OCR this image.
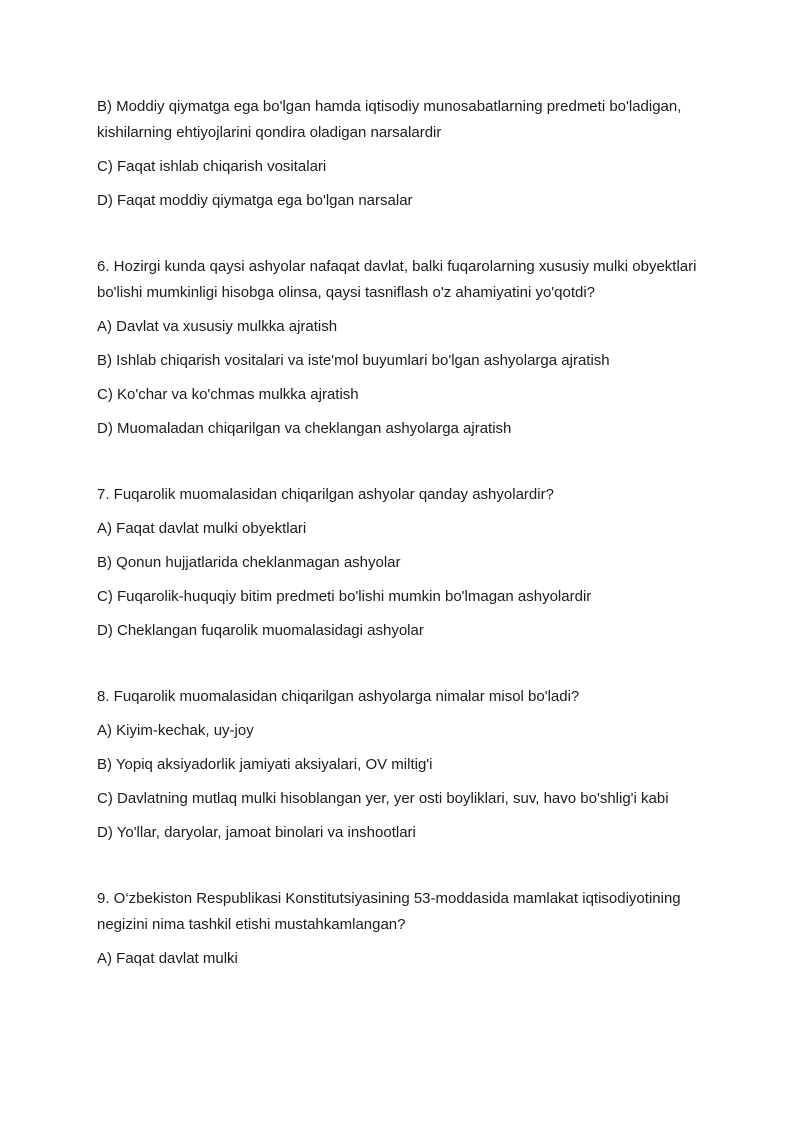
B) Moddiy qiymatga ega bo'lgan hamda iqtisodiy munosabatlarning predmeti bo'ladigan, kishilarning ehtiyojlarini qondira oladigan narsalardir

C) Faqat ishlab chiqarish vositalari

D) Faqat moddiy qiymatga ega bo'lgan narsalar

6. Hozirgi kunda qaysi ashyolar nafaqat davlat, balki fuqarolarning xususiy mulki obyektlari bo'lishi mumkinligi hisobga olinsa, qaysi tasniflash o'z ahamiyatini yo'qotdi?

A) Davlat va xususiy mulkka ajratish

B) Ishlab chiqarish vositalari va iste'mol buyumlari bo'lgan ashyolarga ajratish

C) Ko'char va ko'chmas mulkka ajratish

D) Muomaladan chiqarilgan va cheklangan ashyolarga ajratish

7. Fuqarolik muomalasidan chiqarilgan ashyolar qanday ashyolardir?

A) Faqat davlat mulki obyektlari

B) Qonun hujjatlarida cheklanmagan ashyolar

C) Fuqarolik-huquqiy bitim predmeti bo'lishi mumkin bo'lmagan ashyolardir

D) Cheklangan fuqarolik muomalasidagi ashyolar

8. Fuqarolik muomalasidan chiqarilgan ashyolarga nimalar misol bo'ladi?

A) Kiyim-kechak, uy-joy

B) Yopiq aksiyadorlik jamiyati aksiyalari, OV miltig'i

C) Davlatning mutlaq mulki hisoblangan yer, yer osti boyliklari, suv, havo bo'shlig'i kabi

D) Yo'llar, daryolar, jamoat binolari va inshootlari

9. O‘zbekiston Respublikasi Konstitutsiyasining 53-moddasida mamlakat iqtisodiyotining negizini nima tashkil etishi mustahkamlangan?

A) Faqat davlat mulki
